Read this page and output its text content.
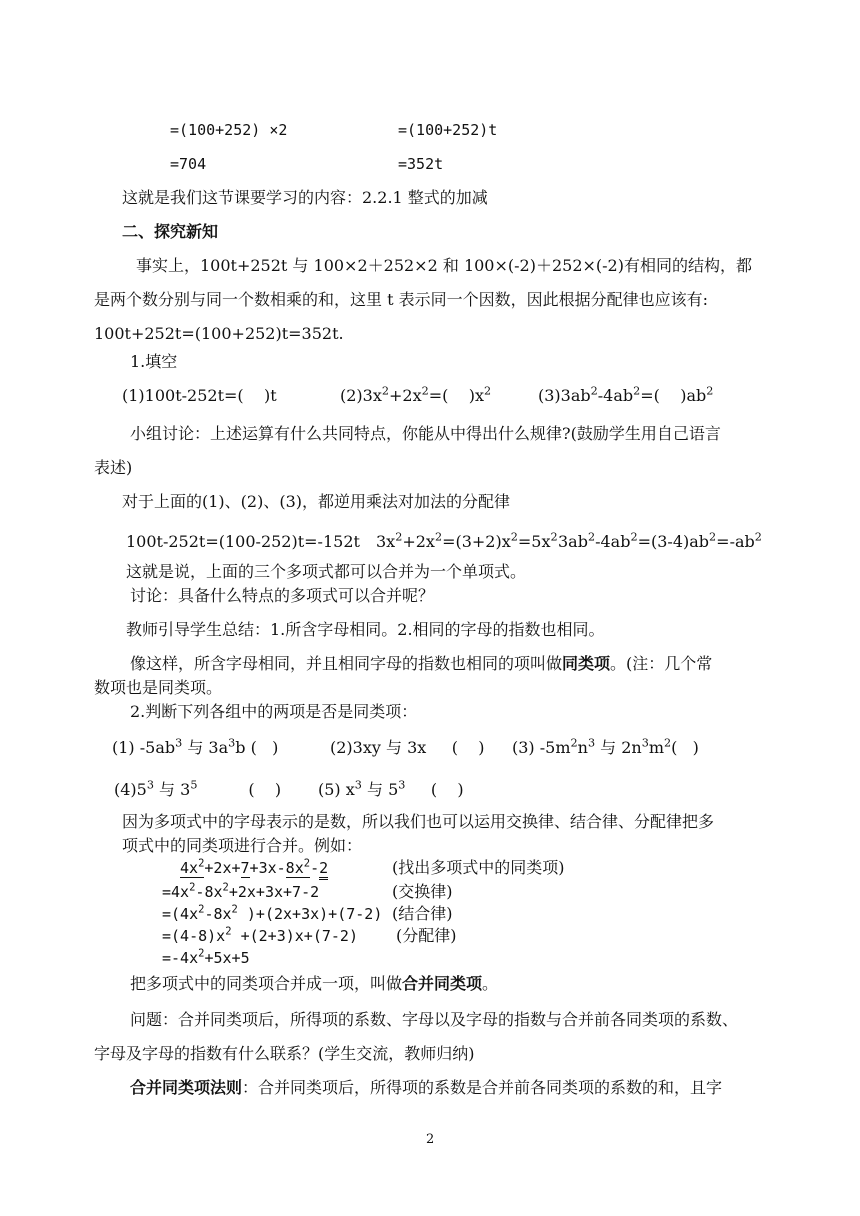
=(100+252) ×2	=(100+252)t
=704	=352t
这就是我们这节课要学习的内容：2.2.1 整式的加减
二、探究新知
事实上，100t+252t 与 100×2＋252×2 和 100×(-2)＋252×(-2)有相同的结构，都
是两个数分别与同一个数相乘的和，这里 t 表示同一个因数，因此根据分配律也应该有:
100t+252t=(100+252)t=352t.
1.填空
(1)100t-252t=(    )t	$(2)3x^2+2x^2=$(    )$x^2$	$(3)3ab^2-4ab^2=$(    )$ab^2$
小组讨论：上述运算有什么共同特点，你能从中得出什么规律?(鼓励学生用自己语言
表述)
对于上面的(1)、(2)、(3)，都逆用乘法对加法的分配律
100t-252t=(100-252)t=-152t $3x^2+2x^2=(3+2)x^2=5x^2$ $3ab^2-4ab^2=(3-4)ab^2=-ab^2$
这就是说，上面的三个多项式都可以合并为一个单项式。
讨论：具备什么特点的多项式可以合并呢？
教师引导学生总结：1.所含字母相同。2.相同的字母的指数也相同。
像这样，所含字母相同，并且相同字母的指数也相同的项叫做同类项。(注：几个常
数项也是同类项。
2.判断下列各组中的两项是否是同类项：
(1) $-5ab^3$ 与 $3a^3b$ (   )	(2)3xy 与 3x     (    ) (3) $-5m^2n^3$ 与 $2n^3m^2$(   )
$(4)5^3$ 与 $3^5$          (    ) (5) $x^3$ 与 $5^3$     (    )
因为多项式中的字母表示的是数，所以我们也可以运用交换律、结合律、分配律把多
项式中的同类项进行合并。例如：
$4x^2+2x+7+3x-8x^2-2$	(找出多项式中的同类项)
$=4x^2-8x^2+2x+3x+7-2$	(交换律)
$=(4x^2-8x^2$ )+(2x+3x)+(7-2) (结合律)
$=(4-8)x^2 +(2+3)x+(7-2)$ (分配律)
$=-4x^2+5x+5$
把多项式中的同类项合并成一项，叫做合并同类项。
问题：合并同类项后，所得项的系数、字母以及字母的指数与合并前各同类项的系数、
字母及字母的指数有什么联系？(学生交流，教师归纳)
合并同类项法则：合并同类项后，所得项的系数是合并前各同类项的系数的和，且字
2
